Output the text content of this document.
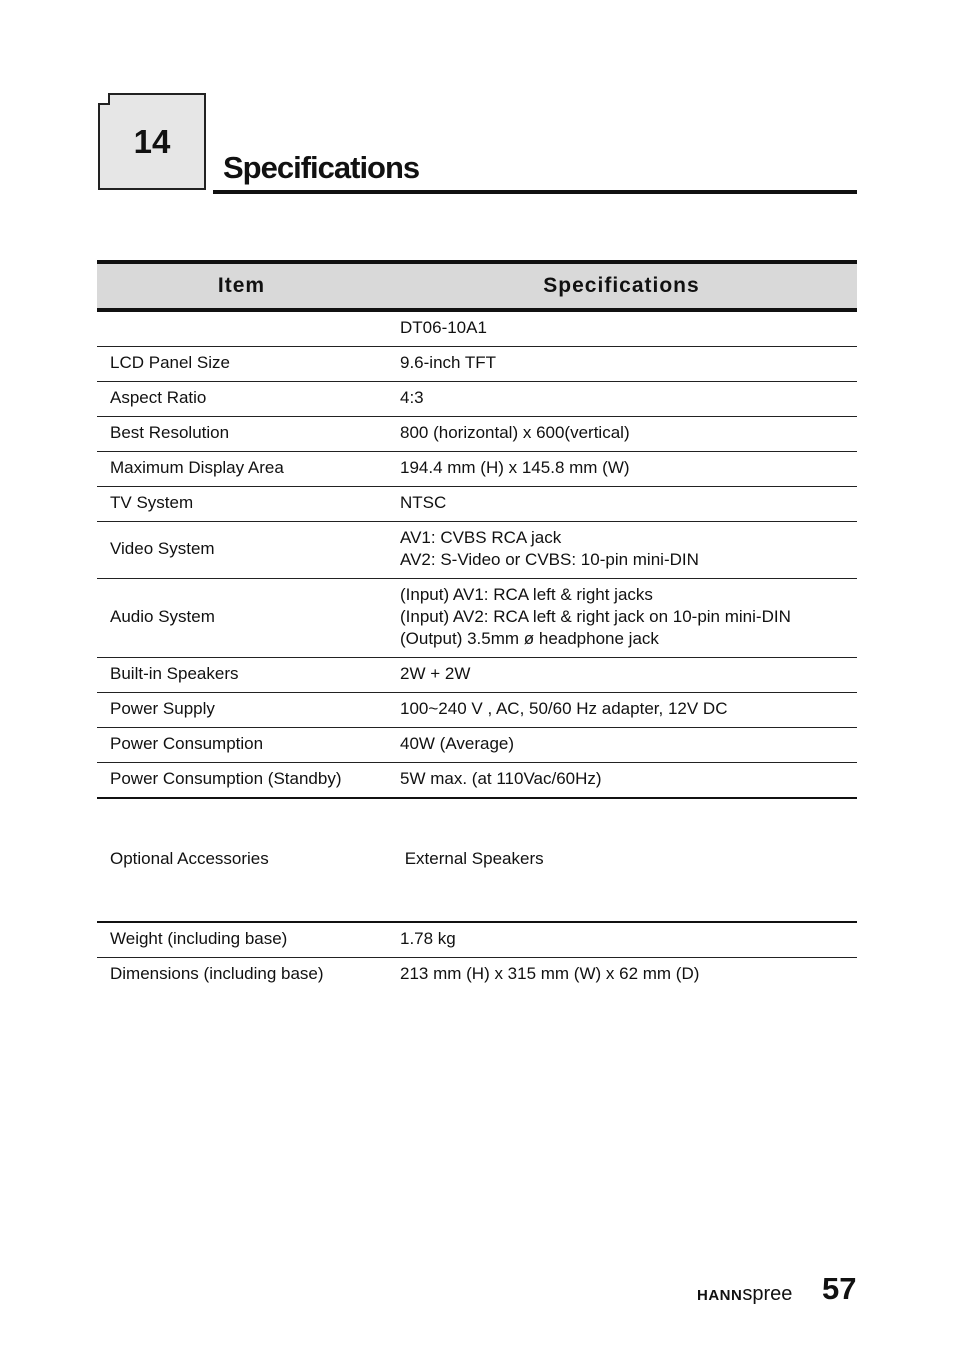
14
Specifications
Item	Specifications

	DT06-10A1

LCD Panel Size	9.6-inch TFT

Aspect Ratio	4:3

Best Resolution	800 (horizontal) x 600(vertical)

Maximum Display Area	194.4 mm (H) x 145.8 mm (W)

TV System	NTSC

Video System	AV1: CVBS RCA jack
AV2: S-Video or CVBS: 10-pin mini-DIN

Audio System	(Input) AV1: RCA left & right jacks
(Input) AV2: RCA left & right jack on 10-pin mini-DIN
(Output) 3.5mm ø headphone jack

Built-in Speakers	2W + 2W

Power Supply	100~240 V , AC, 50/60 Hz adapter, 12V DC

Power Consumption	40W (Average)

Power Consumption (Standby)	5W max. (at 110Vac/60Hz)

Optional Accessories	External Speakers

Weight (including base)	1.78 kg

Dimensions (including base)	213 mm (H) x 315 mm (W) x 62 mm (D)
HANNspree 57
